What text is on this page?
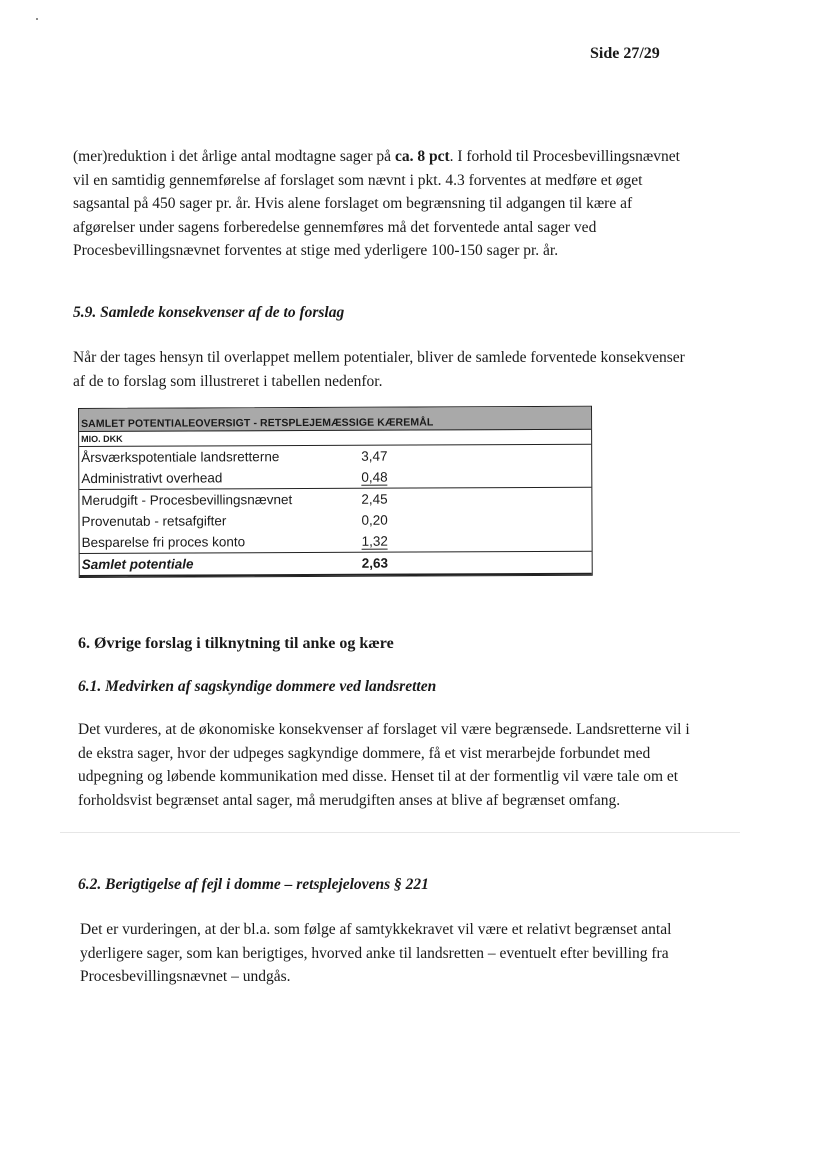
Side 27/29

(mer)reduktion i det årlige antal modtagne sager på ca. 8 pct. I forhold til Procesbevillingsnævnet vil en samtidig gennemførelse af forslaget som nævnt i pkt. 4.3 forventes at medføre et øget sagsantal på 450 sager pr. år. Hvis alene forslaget om begrænsning til adgangen til kære af afgørelser under sagens forberedelse gennemføres må det forventede antal sager ved Procesbevillingsnævnet forventes at stige med yderligere 100-150 sager pr. år.

5.9. Samlede konsekvenser af de to forslag

Når der tages hensyn til overlappet mellem potentialer, bliver de samlede forventede konsekvenser af de to forslag som illustreret i tabellen nedenfor.

SAMLET POTENTIALEOVERSIGT - RETSPLEJEMÆSSIGE KÆREMÅL
MIO. DKK
Årsværkspotentiale landsretterne	3,47
Administrativt overhead	0,48
Merudgift - Procesbevillingsnævnet	2,45
Provenutab - retsafgifter	0,20
Besparelse fri proces konto	1,32
Samlet potentiale	2,63
6. Øvrige forslag i tilknytning til anke og kære
6.1. Medvirken af sagskyndige dommere ved landsretten

Det vurderes, at de økonomiske konsekvenser af forslaget vil være begrænsede. Landsretterne vil i de ekstra sager, hvor der udpeges sagkyndige dommere, få et vist merarbejde forbundet med udpegning og løbende kommunikation med disse. Henset til at der formentlig vil være tale om et forholdsvist begrænset antal sager, må merudgiften anses at blive af begrænset omfang.

6.2. Berigtigelse af fejl i domme – retsplejelovens § 221

Det er vurderingen, at der bl.a. som følge af samtykkekravet vil være et relativt begrænset antal yderligere sager, som kan berigtiges, hvorved anke til landsretten – eventuelt efter bevilling fra Procesbevillingsnævnet – undgås.
